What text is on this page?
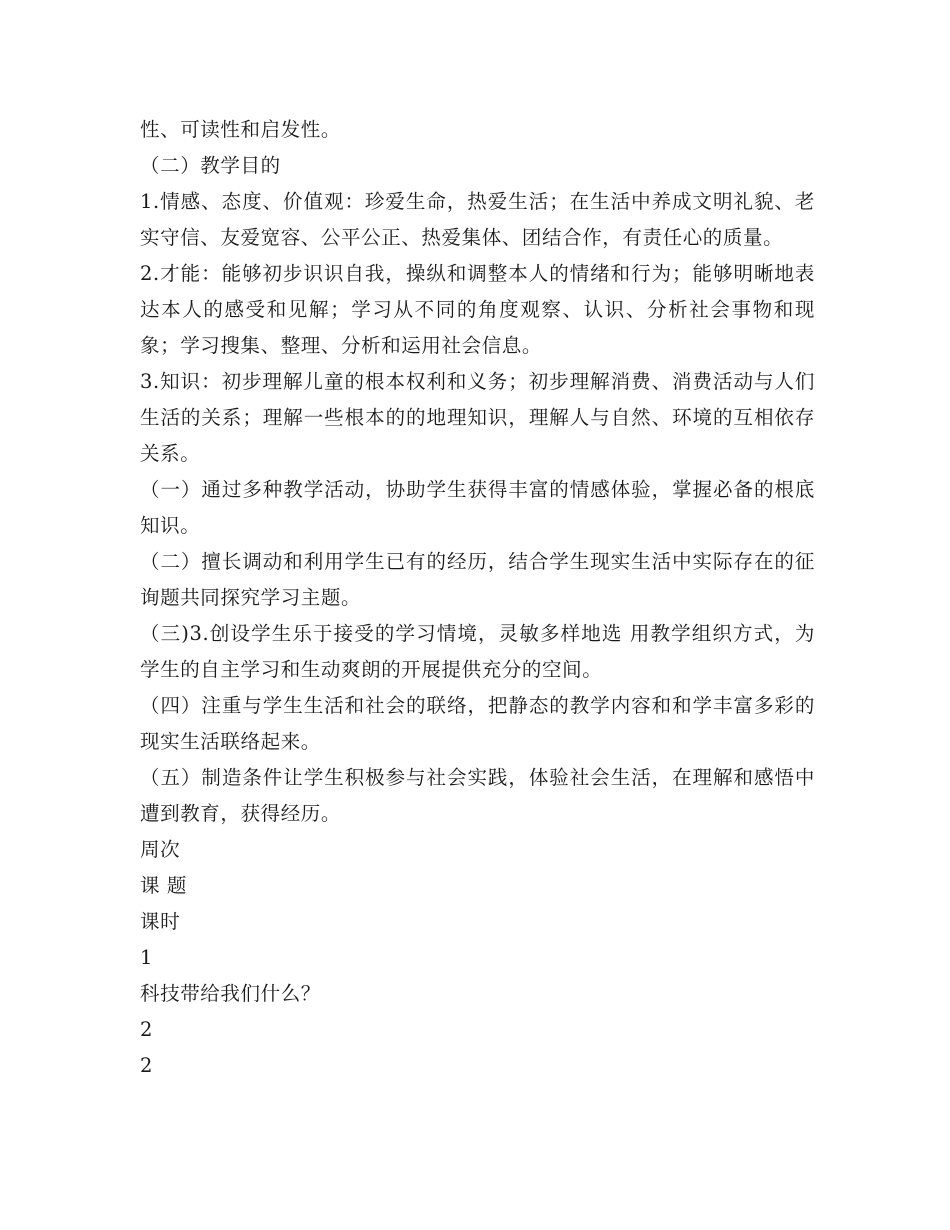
性、可读性和启发性。

（二）教学目的

1.情感、态度、价值观：珍爱生命，热爱生活；在生活中养成文明礼貌、老实守信、友爱宽容、公平公正、热爱集体、团结合作，有责任心的质量。

2.才能：能够初步识识自我，操纵和调整本人的情绪和行为；能够明晰地表达本人的感受和见解；学习从不同的角度观察、认识、分析社会事物和现象；学习搜集、整理、分析和运用社会信息。

3.知识：初步理解儿童的根本权利和义务；初步理解消费、消费活动与人们生活的关系；理解一些根本的的地理知识，理解人与自然、环境的互相依存关系。

（一）通过多种教学活动，协助学生获得丰富的情感体验，掌握必备的根底知识。

（二）擅长调动和利用学生已有的经历，结合学生现实生活中实际存在的征询题共同探究学习主题。

（三)3.创设学生乐于接受的学习情境，灵敏多样地选 用教学组织方式，为学生的自主学习和生动爽朗的开展提供充分的空间。

（四）注重与学生生活和社会的联络，把静态的教学内容和和学丰富多彩的现实生活联络起来。

（五）制造条件让学生积极参与社会实践，体验社会生活，在理解和感悟中遭到教育，获得经历。

周次

课 题

课时

1

科技带给我们什么？

2

2
